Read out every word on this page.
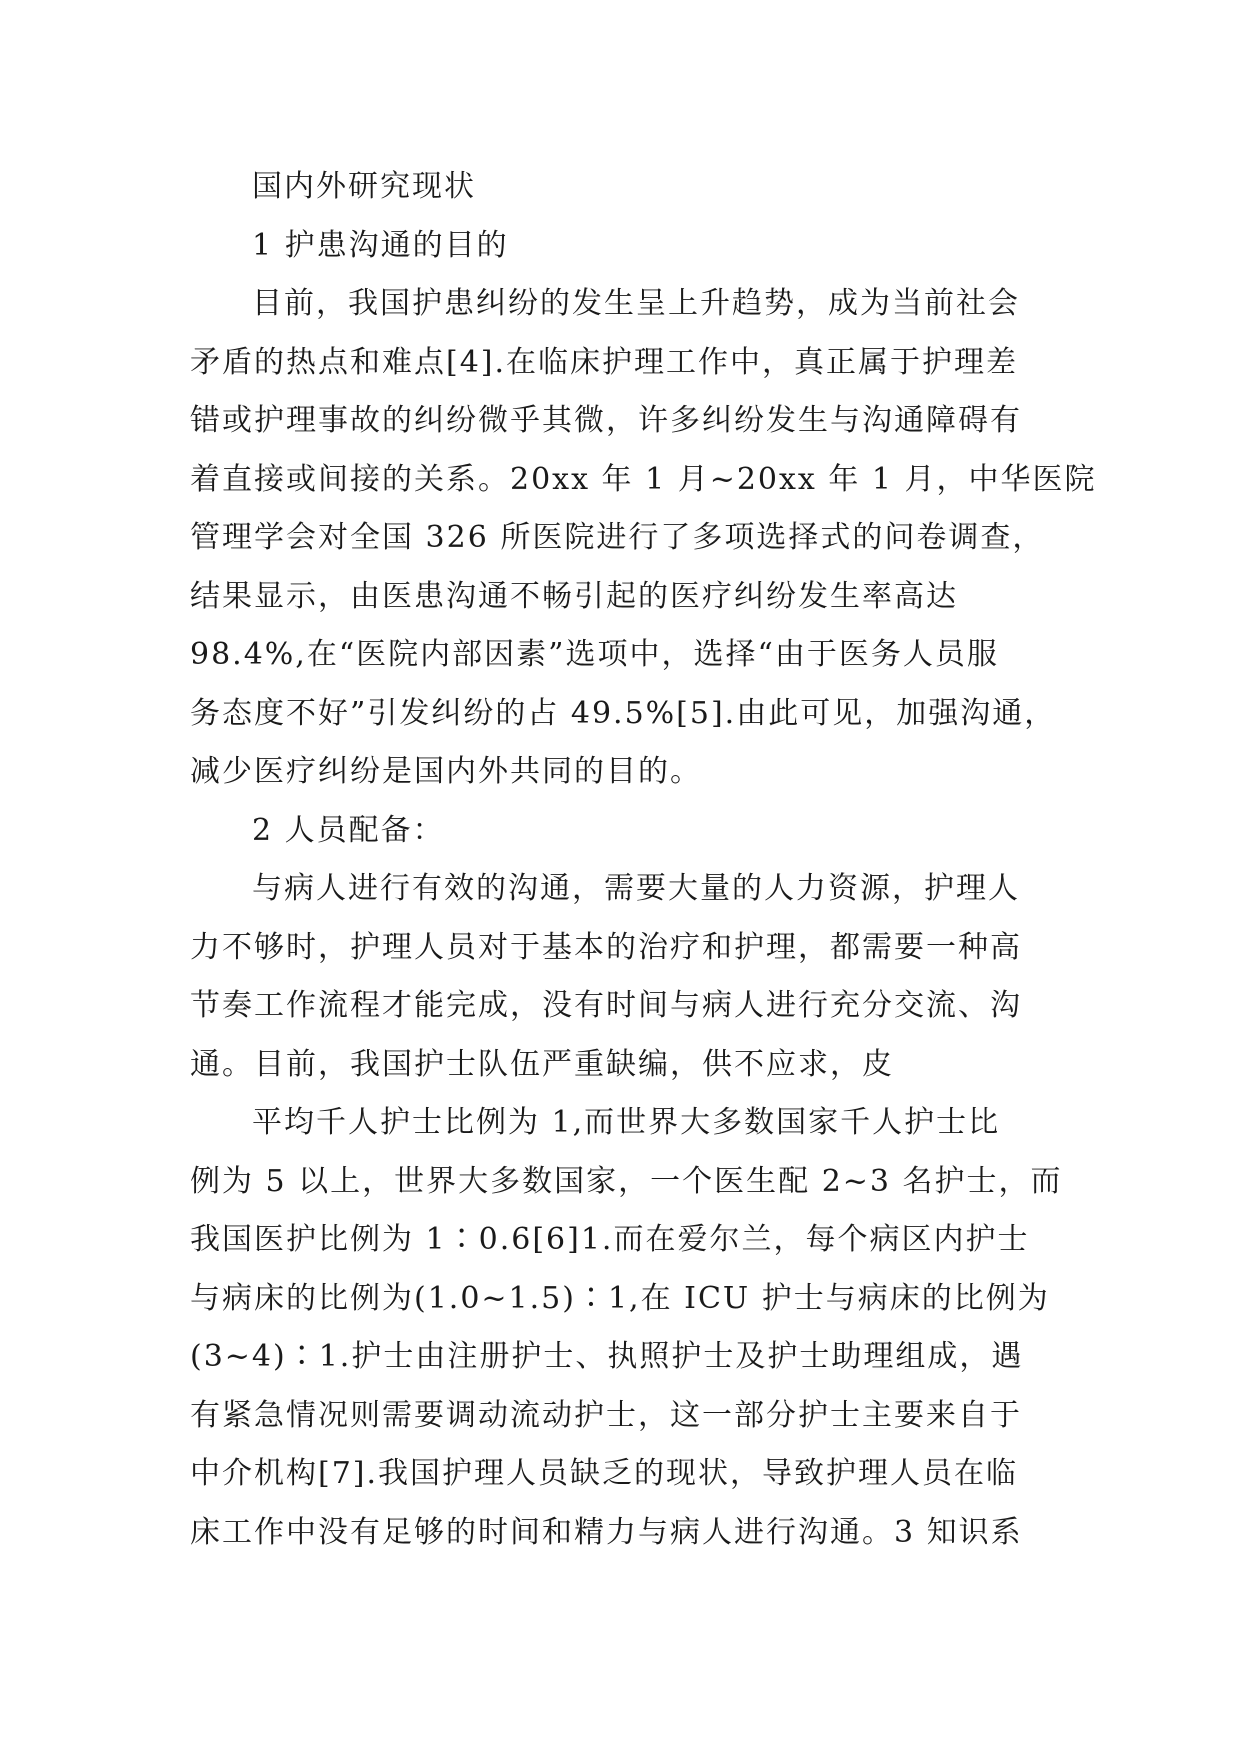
国内外研究现状
1 护患沟通的目的
目前，我国护患纠纷的发生呈上升趋势，成为当前社会
矛盾的热点和难点[4].在临床护理工作中，真正属于护理差
错或护理事故的纠纷微乎其微，许多纠纷发生与沟通障碍有
着直接或间接的关系。20xx 年 1 月~20xx 年 1 月，中华医院
管理学会对全国 326 所医院进行了多项选择式的问卷调查，
结果显示，由医患沟通不畅引起的医疗纠纷发生率高达
98.4%,在“医院内部因素”选项中，选择“由于医务人员服
务态度不好”引发纠纷的占 49.5%[5].由此可见，加强沟通，
减少医疗纠纷是国内外共同的目的。
2 人员配备：
与病人进行有效的沟通，需要大量的人力资源，护理人
力不够时，护理人员对于基本的治疗和护理，都需要一种高
节奏工作流程才能完成，没有时间与病人进行充分交流、沟
通。目前，我国护士队伍严重缺编，供不应求，皮
平均千人护士比例为 1,而世界大多数国家千人护士比
例为 5 以上，世界大多数国家，一个医生配 2~3 名护士，而
我国医护比例为 1∶0.6[6]1.而在爱尔兰，每个病区内护士
与病床的比例为(1.0~1.5)∶1,在 ICU 护士与病床的比例为
(3~4)∶1.护士由注册护士、执照护士及护士助理组成，遇
有紧急情况则需要调动流动护士，这一部分护士主要来自于
中介机构[7].我国护理人员缺乏的现状，导致护理人员在临
床工作中没有足够的时间和精力与病人进行沟通。3 知识系
